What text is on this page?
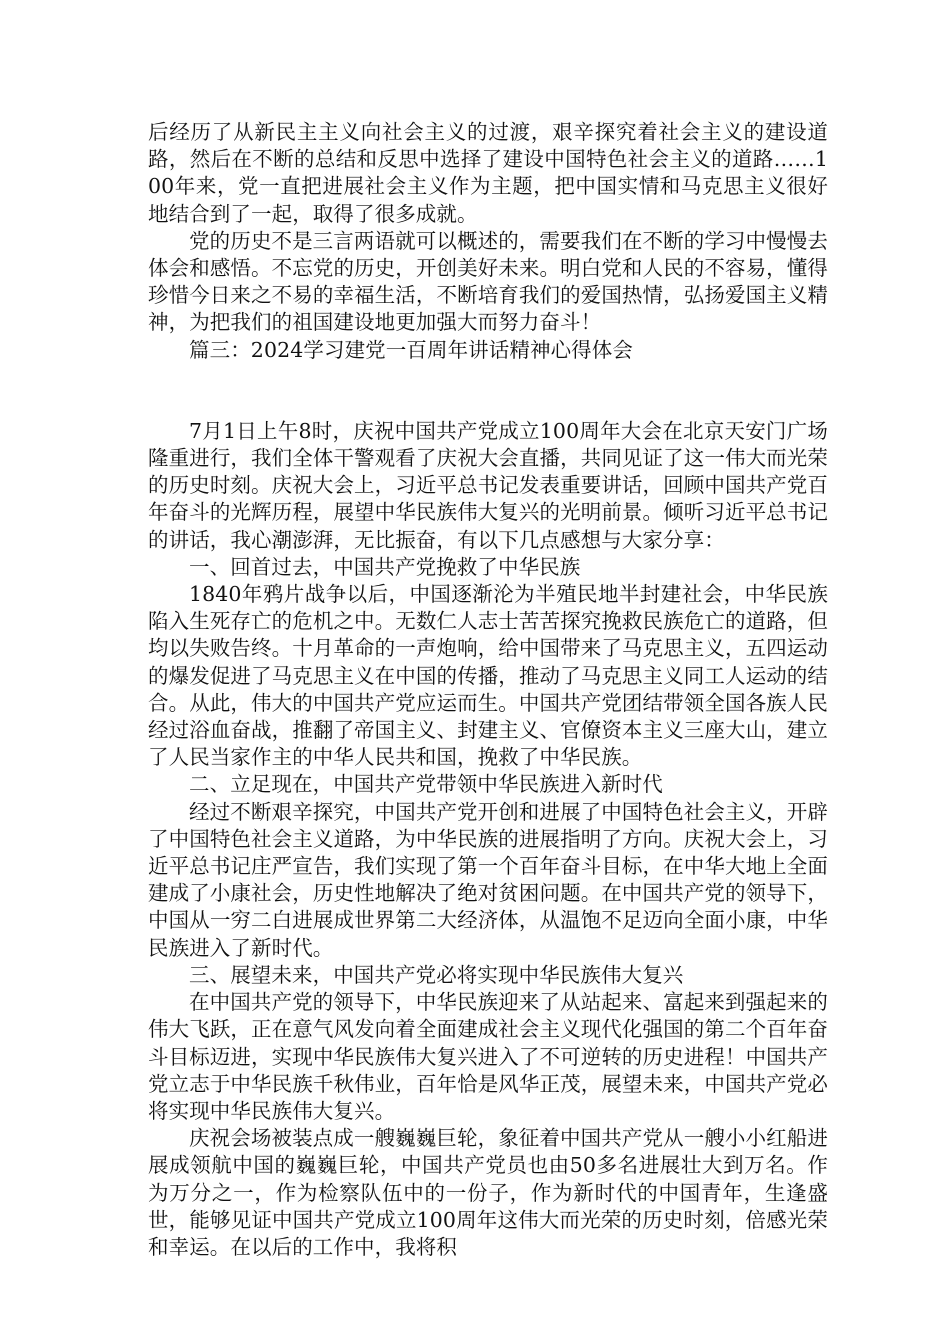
后经历了从新民主主义向社会主义的过渡，艰辛探究着社会主义的建设道路，然后在不断的总结和反思中选择了建设中国特色社会主义的道路……100年来，党一直把进展社会主义作为主题，把中国实情和马克思主义很好地结合到了一起，取得了很多成就。

党的历史不是三言两语就可以概述的，需要我们在不断的学习中慢慢去体会和感悟。不忘党的历史，开创美好未来。明白党和人民的不容易，懂得珍惜今日来之不易的幸福生活，不断培育我们的爱国热情，弘扬爱国主义精神，为把我们的祖国建设地更加强大而努力奋斗！

篇三：2024学习建党一百周年讲话精神心得体会

7月1日上午8时，庆祝中国共产党成立100周年大会在北京天安门广场隆重进行，我们全体干警观看了庆祝大会直播，共同见证了这一伟大而光荣的历史时刻。庆祝大会上，习近平总书记发表重要讲话，回顾中国共产党百年奋斗的光辉历程，展望中华民族伟大复兴的光明前景。倾听习近平总书记的讲话，我心潮澎湃，无比振奋，有以下几点感想与大家分享：

一、回首过去，中国共产党挽救了中华民族

1840年鸦片战争以后，中国逐渐沦为半殖民地半封建社会，中华民族陷入生死存亡的危机之中。无数仁人志士苦苦探究挽救民族危亡的道路，但均以失败告终。十月革命的一声炮响，给中国带来了马克思主义，五四运动的爆发促进了马克思主义在中国的传播，推动了马克思主义同工人运动的结合。从此，伟大的中国共产党应运而生。中国共产党团结带领全国各族人民经过浴血奋战，推翻了帝国主义、封建主义、官僚资本主义三座大山，建立了人民当家作主的中华人民共和国，挽救了中华民族。

二、立足现在，中国共产党带领中华民族进入新时代

经过不断艰辛探究，中国共产党开创和进展了中国特色社会主义，开辟了中国特色社会主义道路，为中华民族的进展指明了方向。庆祝大会上，习近平总书记庄严宣告，我们实现了第一个百年奋斗目标，在中华大地上全面建成了小康社会，历史性地解决了绝对贫困问题。在中国共产党的领导下，中国从一穷二白进展成世界第二大经济体，从温饱不足迈向全面小康，中华民族进入了新时代。

三、展望未来，中国共产党必将实现中华民族伟大复兴

在中国共产党的领导下，中华民族迎来了从站起来、富起来到强起来的伟大飞跃，正在意气风发向着全面建成社会主义现代化强国的第二个百年奋斗目标迈进，实现中华民族伟大复兴进入了不可逆转的历史进程！中国共产党立志于中华民族千秋伟业，百年恰是风华正茂，展望未来，中国共产党必将实现中华民族伟大复兴。

庆祝会场被装点成一艘巍巍巨轮，象征着中国共产党从一艘小小红船进展成领航中国的巍巍巨轮，中国共产党员也由50多名进展壮大到万名。作为万分之一，作为检察队伍中的一份子，作为新时代的中国青年，生逢盛世，能够见证中国共产党成立100周年这伟大而光荣的历史时刻，倍感光荣和幸运。在以后的工作中，我将积
